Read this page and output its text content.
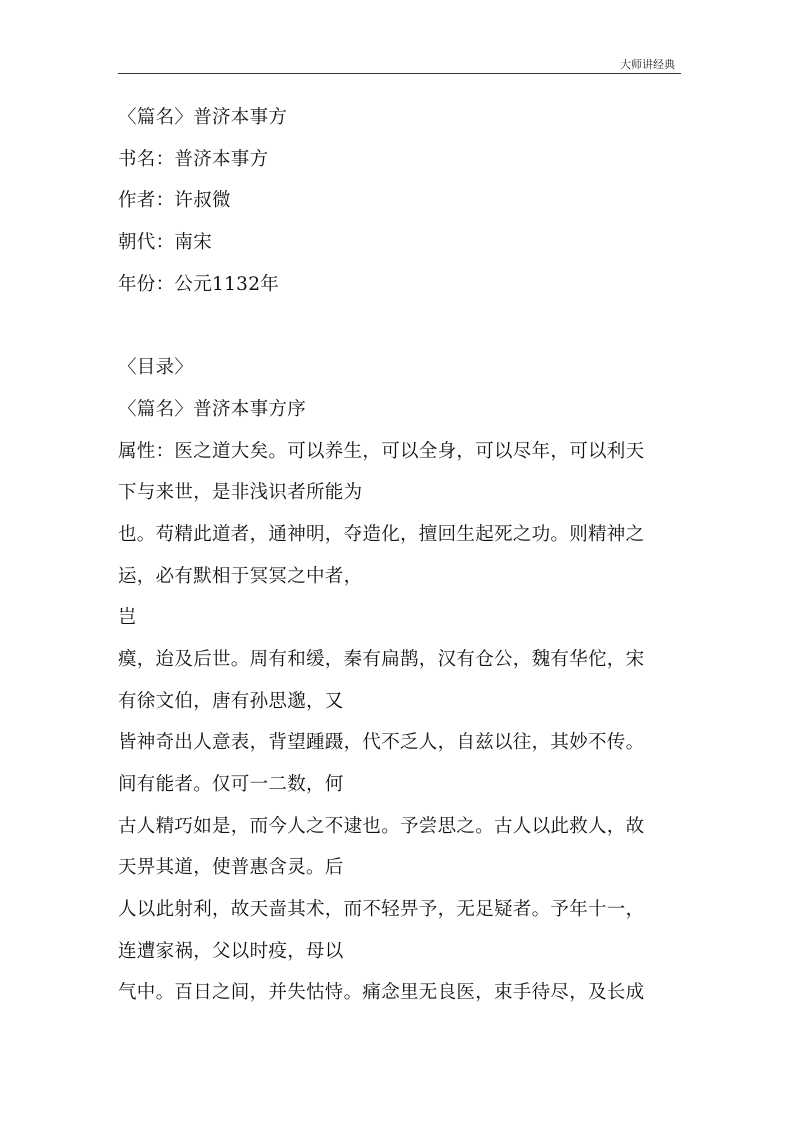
大师讲经典
〈篇名〉普济本事方
书名：普济本事方
作者：许叔微
朝代：南宋
年份：公元1132年
〈目录〉
〈篇名〉普济本事方序
属性：医之道大矣。可以养生，可以全身，可以尽年，可以利天
下与来世，是非浅识者所能为
也。苟精此道者，通神明，夺造化，擅回生起死之功。则精神之
运，必有默相于冥冥之中者，
岂
瘼，迨及后世。周有和缓，秦有扁鹊，汉有仓公，魏有华佗，宋
有徐文伯，唐有孙思邈，又
皆神奇出人意表，背望踵蹑，代不乏人，自兹以往，其妙不传。
间有能者。仅可一二数，何
古人精巧如是，而今人之不逮也。予尝思之。古人以此救人，故
天畀其道，使普惠含灵。后
人以此射利，故天啬其术，而不轻畀予，无足疑者。予年十一，
连遭家祸，父以时疫，母以
气中。百日之间，并失怙恃。痛念里无良医，束手待尽，及长成
